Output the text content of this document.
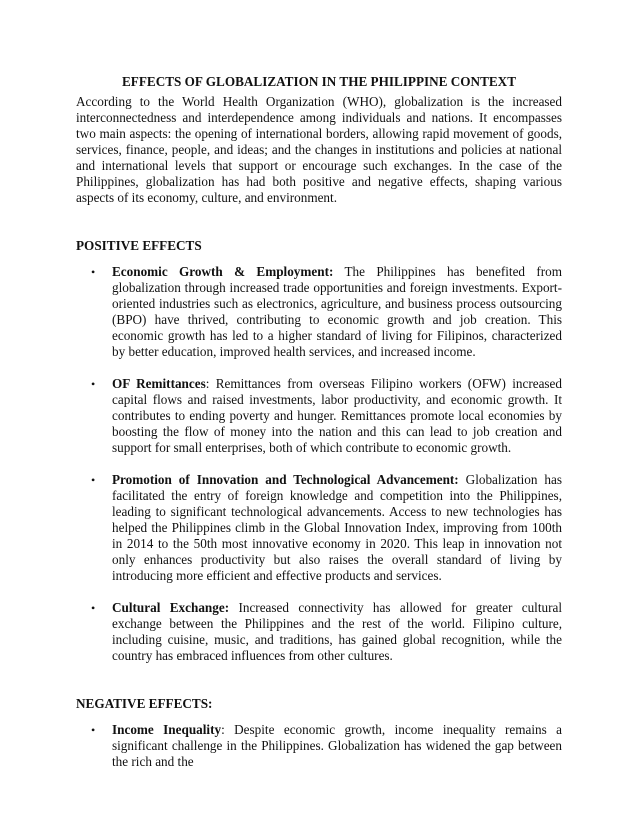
EFFECTS OF GLOBALIZATION IN THE PHILIPPINE CONTEXT

According to the World Health Organization (WHO), globalization is the increased interconnectedness and interdependence among individuals and nations. It encompasses two main aspects: the opening of international borders, allowing rapid movement of goods, services, finance, people, and ideas; and the changes in institutions and policies at national and international levels that support or encourage such exchanges. In the case of the Philippines, globalization has had both positive and negative effects, shaping various aspects of its economy, culture, and environment.

POSITIVE EFFECTS

• Economic Growth & Employment: The Philippines has benefited from globalization through increased trade opportunities and foreign investments. Export-oriented industries such as electronics, agriculture, and business process outsourcing (BPO) have thrived, contributing to economic growth and job creation. This economic growth has led to a higher standard of living for Filipinos, characterized by better education, improved health services, and increased income.
• OF Remittances: Remittances from overseas Filipino workers (OFW) increased capital flows and raised investments, labor productivity, and economic growth. It contributes to ending poverty and hunger. Remittances promote local economies by boosting the flow of money into the nation and this can lead to job creation and support for small enterprises, both of which contribute to economic growth.
• Promotion of Innovation and Technological Advancement: Globalization has facilitated the entry of foreign knowledge and competition into the Philippines, leading to significant technological advancements. Access to new technologies has helped the Philippines climb in the Global Innovation Index, improving from 100th in 2014 to the 50th most innovative economy in 2020. This leap in innovation not only enhances productivity but also raises the overall standard of living by introducing more efficient and effective products and services.
• Cultural Exchange: Increased connectivity has allowed for greater cultural exchange between the Philippines and the rest of the world. Filipino culture, including cuisine, music, and traditions, has gained global recognition, while the country has embraced influences from other cultures.

NEGATIVE EFFECTS:

• Income Inequality: Despite economic growth, income inequality remains a significant challenge in the Philippines. Globalization has widened the gap between the rich and the
